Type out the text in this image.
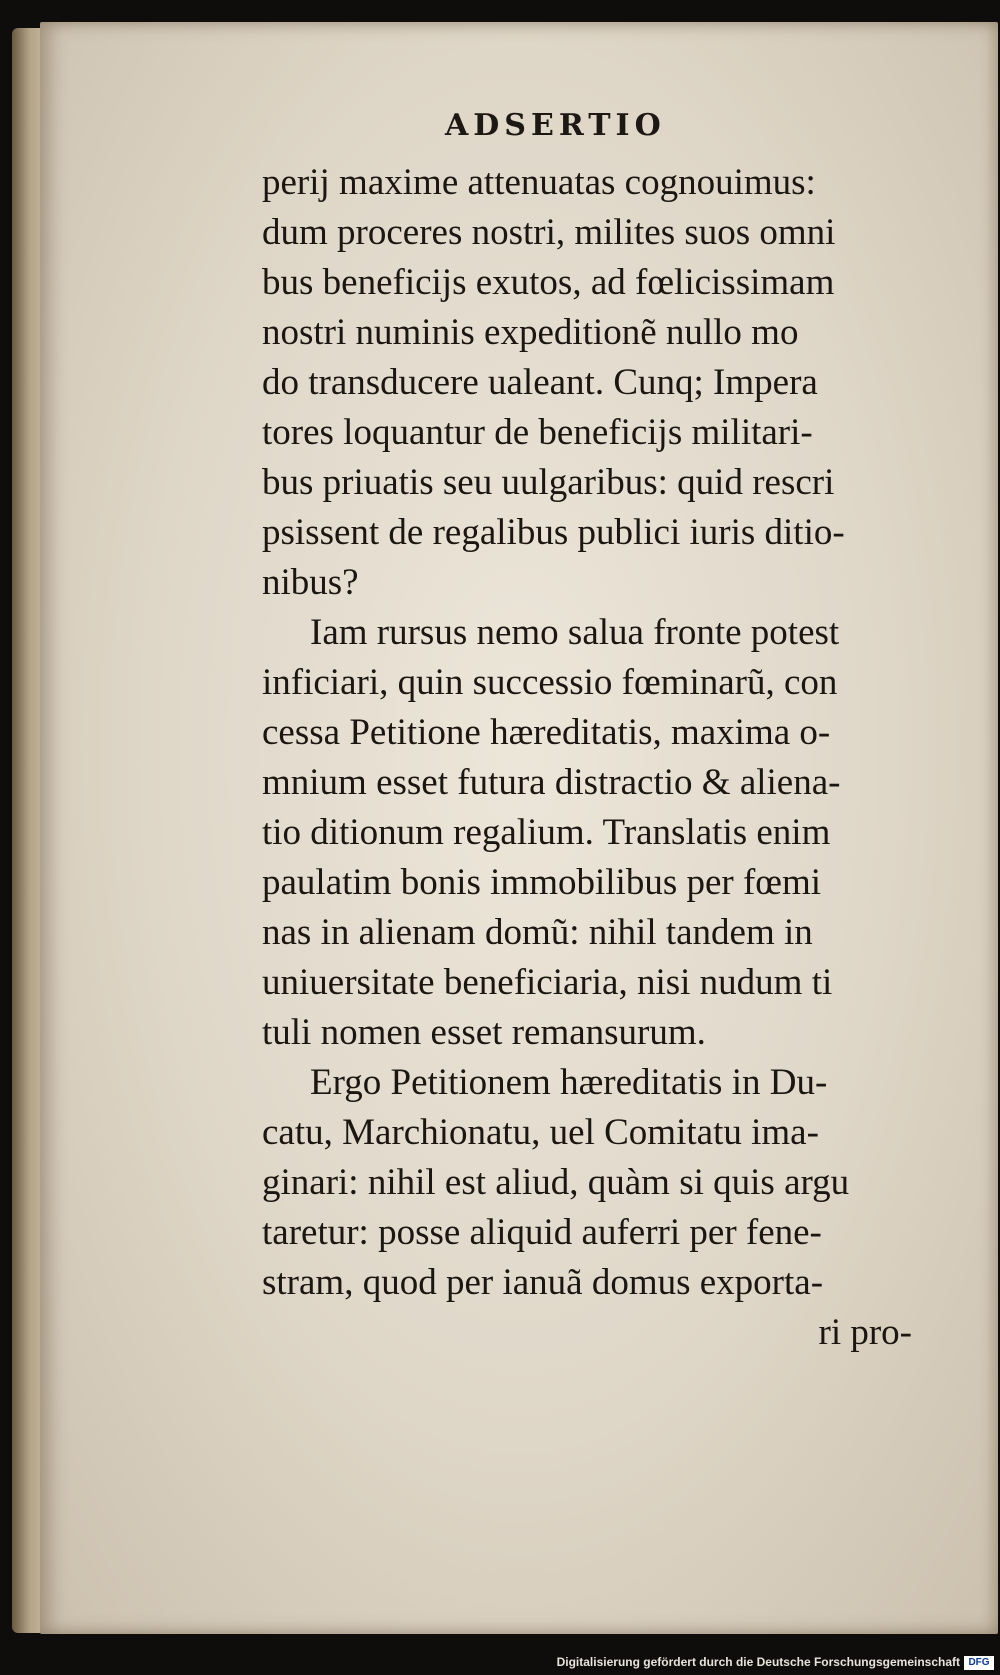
ADSERTIO
perij maxime attenuatas cognouimus:
dum proceres nostri, milites suos omni
bus beneficijs exutos, ad fœlicissimam
nostri numinis expeditionẽ nullo mo
do transducere ualeant. Cunq; Impera
tores loquantur de beneficijs militari-
bus priuatis seu uulgaribus: quid rescri
psissent de regalibus publici iuris ditio-
nibus?
Iam rursus nemo salua fronte potest
inficiari, quin successio fœminarũ, con
cessa Petitione hæreditatis, maxima o-
mnium esset futura distractio & aliena-
tio ditionum regalium. Translatis enim
paulatim bonis immobilibus per fœmi
nas in alienam domũ: nihil tandem in
uniuersitate beneficiaria, nisi nudum ti
tuli nomen esset remansurum.
Ergo Petitionem hæreditatis in Du-
catu, Marchionatu, uel Comitatu ima-
ginari: nihil est aliud, quàm si quis argu
taretur: posse aliquid auferri per fene-
stram, quod per ianuã domus exporta-
ri pro-

Digitalisierung gefördert durch die Deutsche Forschungsgemeinschaft DFG
